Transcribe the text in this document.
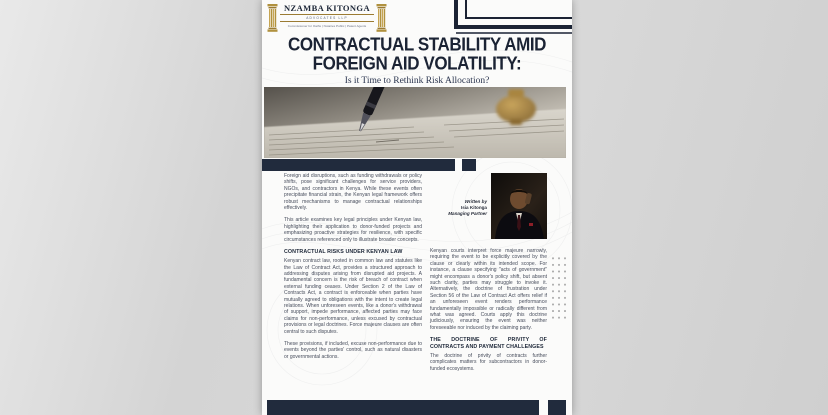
NZAMBA KITONGA
ADVOCATES LLP
Commissioner for Oaths | Notaries Public | Patent Agents
CONTRACTUAL STABILITY AMID
FOREIGN AID VOLATILITY:
Is it Time to Rethink Risk Allocation?

Foreign aid disruptions, such as funding withdrawals or policy shifts, pose significant challenges for service providers, NGOs, and contractors in Kenya. While these events often precipitate financial strain, the Kenyan legal framework offers robust mechanisms to manage contractual relationships effectively.

This article examines key legal principles under Kenyan law, highlighting their application to donor-funded projects and emphasizing proactive strategies for resilience, with specific circumstances referenced only to illustrate broader concepts.

CONTRACTUAL RISKS UNDER KENYAN LAW

Kenyan contract law, rooted in common law and statutes like the Law of Contract Act, provides a structured approach to addressing disputes arising from disrupted aid projects. A fundamental concern is the risk of breach of contract when external funding ceases. Under Section 2 of the Law of Contracts Act, a contract is enforceable when parties have mutually agreed to obligations with the intent to create legal relations. When unforeseen events, like a donor's withdrawal of support, impede performance, affected parties may face claims for non-performance, unless excused by contractual provisions or legal doctrines. Force majeure clauses are often central to such disputes.

These provisions, if included, excuse non-performance due to events beyond the parties' control, such as natural disasters or governmental actions.

Written by
Isia Kitonga
Managing Partner

Kenyan courts interpret force majeure narrowly, requiring the event to be explicitly covered by the clause or clearly within its intended scope. For instance, a clause specifying "acts of government" might encompass a donor's policy shift, but absent such clarity, parties may struggle to invoke it. Alternatively, the doctrine of frustration under Section 56 of the Law of Contract Act offers relief if an unforeseen event renders performance fundamentally impossible or radically different from what was agreed. Courts apply this doctrine judiciously, ensuring the event was neither foreseeable nor induced by the claiming party.

THE DOCTRINE OF PRIVITY OF CONTRACTS AND PAYMENT CHALLENGES

The doctrine of privity of contracts further complicates matters for subcontractors in donor-funded ecosystems.
